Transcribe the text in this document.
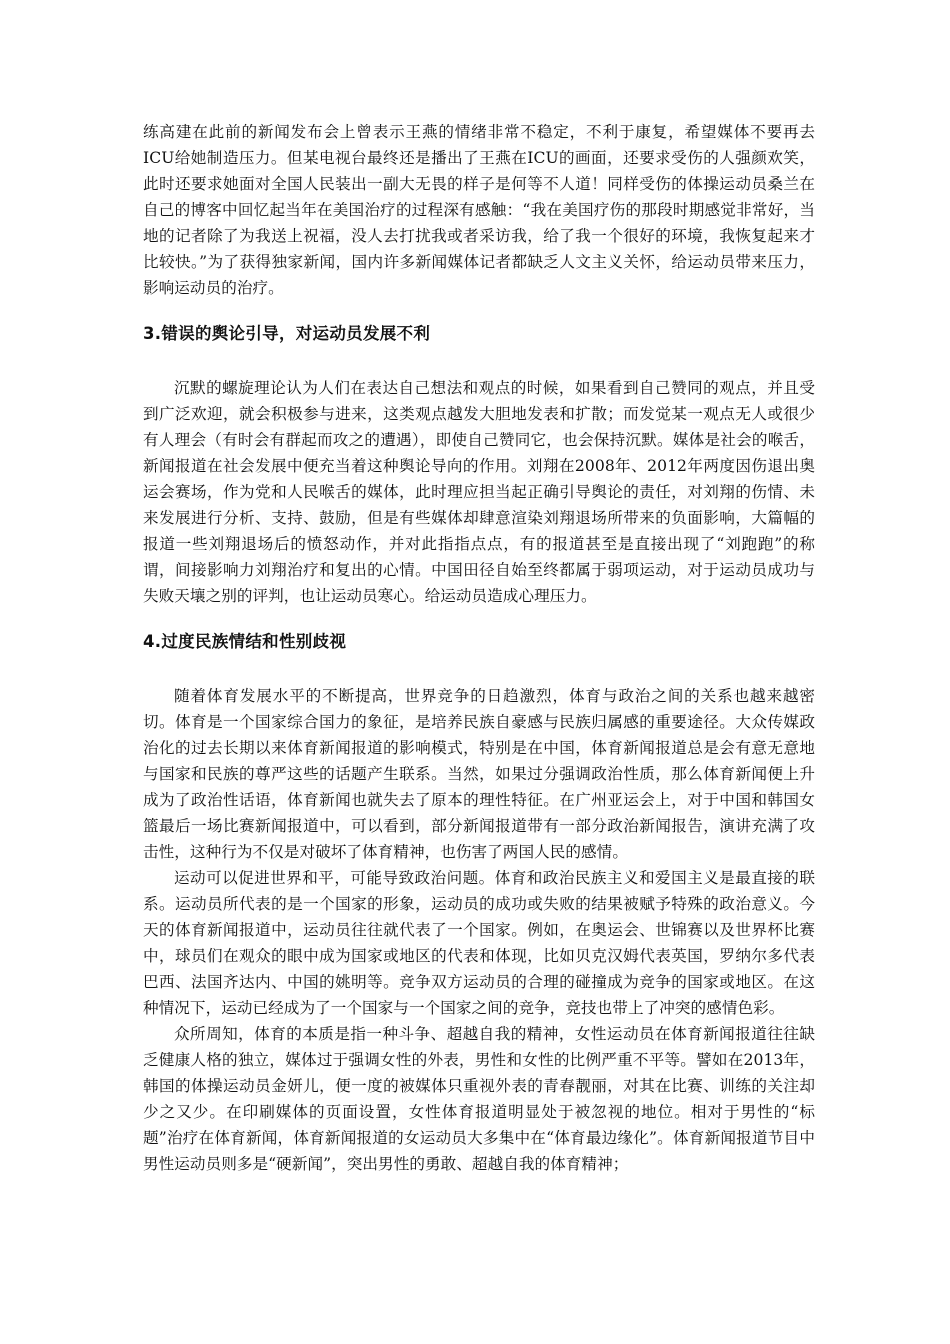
练高建在此前的新闻发布会上曾表示王燕的情绪非常不稳定，不利于康复，希望媒体不要再去ICU给她制造压力。但某电视台最终还是播出了王燕在ICU的画面，还要求受伤的人强颜欢笑，此时还要求她面对全国人民装出一副大无畏的样子是何等不人道！同样受伤的体操运动员桑兰在自己的博客中回忆起当年在美国治疗的过程深有感触：“我在美国疗伤的那段时期感觉非常好，当地的记者除了为我送上祝福，没人去打扰我或者采访我，给了我一个很好的环境，我恢复起来才比较快。”为了获得独家新闻，国内许多新闻媒体记者都缺乏人文主义关怀，给运动员带来压力，影响运动员的治疗。

3.错误的舆论引导，对运动员发展不利

沉默的螺旋理论认为人们在表达自己想法和观点的时候，如果看到自己赞同的观点，并且受到广泛欢迎，就会积极参与进来，这类观点越发大胆地发表和扩散；而发觉某一观点无人或很少有人理会（有时会有群起而攻之的遭遇），即使自己赞同它，也会保持沉默。媒体是社会的喉舌，新闻报道在社会发展中便充当着这种舆论导向的作用。刘翔在2008年、2012年两度因伤退出奥运会赛场，作为党和人民喉舌的媒体，此时理应担当起正确引导舆论的责任，对刘翔的伤情、未来发展进行分析、支持、鼓励，但是有些媒体却肆意渲染刘翔退场所带来的负面影响，大篇幅的报道一些刘翔退场后的愤怒动作，并对此指指点点，有的报道甚至是直接出现了“刘跑跑”的称谓，间接影响力刘翔治疗和复出的心情。中国田径自始至终都属于弱项运动，对于运动员成功与失败天壤之别的评判，也让运动员寒心。给运动员造成心理压力。

4.过度民族情结和性别歧视

随着体育发展水平的不断提高，世界竞争的日趋激烈，体育与政治之间的关系也越来越密切。体育是一个国家综合国力的象征，是培养民族自豪感与民族归属感的重要途径。大众传媒政治化的过去长期以来体育新闻报道的影响模式，特别是在中国，体育新闻报道总是会有意无意地与国家和民族的尊严这些的话题产生联系。当然，如果过分强调政治性质，那么体育新闻便上升成为了政治性话语，体育新闻也就失去了原本的理性特征。在广州亚运会上，对于中国和韩国女篮最后一场比赛新闻报道中，可以看到，部分新闻报道带有一部分政治新闻报告，演讲充满了攻击性，这种行为不仅是对破坏了体育精神，也伤害了两国人民的感情。

运动可以促进世界和平，可能导致政治问题。体育和政治民族主义和爱国主义是最直接的联系。运动员所代表的是一个国家的形象，运动员的成功或失败的结果被赋予特殊的政治意义。今天的体育新闻报道中，运动员往往就代表了一个国家。例如，在奥运会、世锦赛以及世界杯比赛中，球员们在观众的眼中成为国家或地区的代表和体现，比如贝克汉姆代表英国，罗纳尔多代表巴西、法国齐达内、中国的姚明等。竞争双方运动员的合理的碰撞成为竞争的国家或地区。在这种情况下，运动已经成为了一个国家与一个国家之间的竞争，竞技也带上了冲突的感情色彩。

众所周知，体育的本质是指一种斗争、超越自我的精神，女性运动员在体育新闻报道往往缺乏健康人格的独立，媒体过于强调女性的外表，男性和女性的比例严重不平等。譬如在2013年，韩国的体操运动员金妍儿，便一度的被媒体只重视外表的青春靓丽，对其在比赛、训练的关注却少之又少。在印刷媒体的页面设置，女性体育报道明显处于被忽视的地位。相对于男性的“标题”治疗在体育新闻，体育新闻报道的女运动员大多集中在“体育最边缘化”。体育新闻报道节目中男性运动员则多是“硬新闻”，突出男性的勇敢、超越自我的体育精神；
